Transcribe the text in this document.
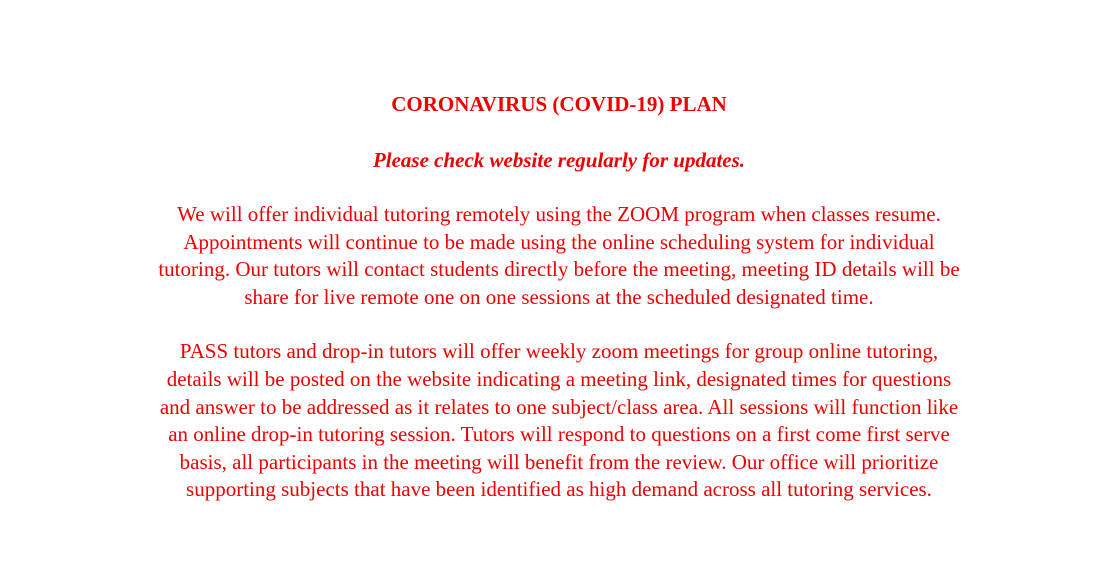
CORONAVIRUS (COVID-19) PLAN

Please check website regularly for updates.

We will offer individual tutoring remotely using the ZOOM program when classes resume.
Appointments will continue to be made using the online scheduling system for individual
tutoring. Our tutors will contact students directly before the meeting, meeting ID details will be
share for live remote one on one sessions at the scheduled designated time.

PASS tutors and drop-in tutors will offer weekly zoom meetings for group online tutoring,
details will be posted on the website indicating a meeting link, designated times for questions
and answer to be addressed as it relates to one subject/class area. All sessions will function like
an online drop-in tutoring session. Tutors will respond to questions on a first come first serve
basis, all participants in the meeting will benefit from the review. Our office will prioritize
supporting subjects that have been identified as high demand across all tutoring services.
